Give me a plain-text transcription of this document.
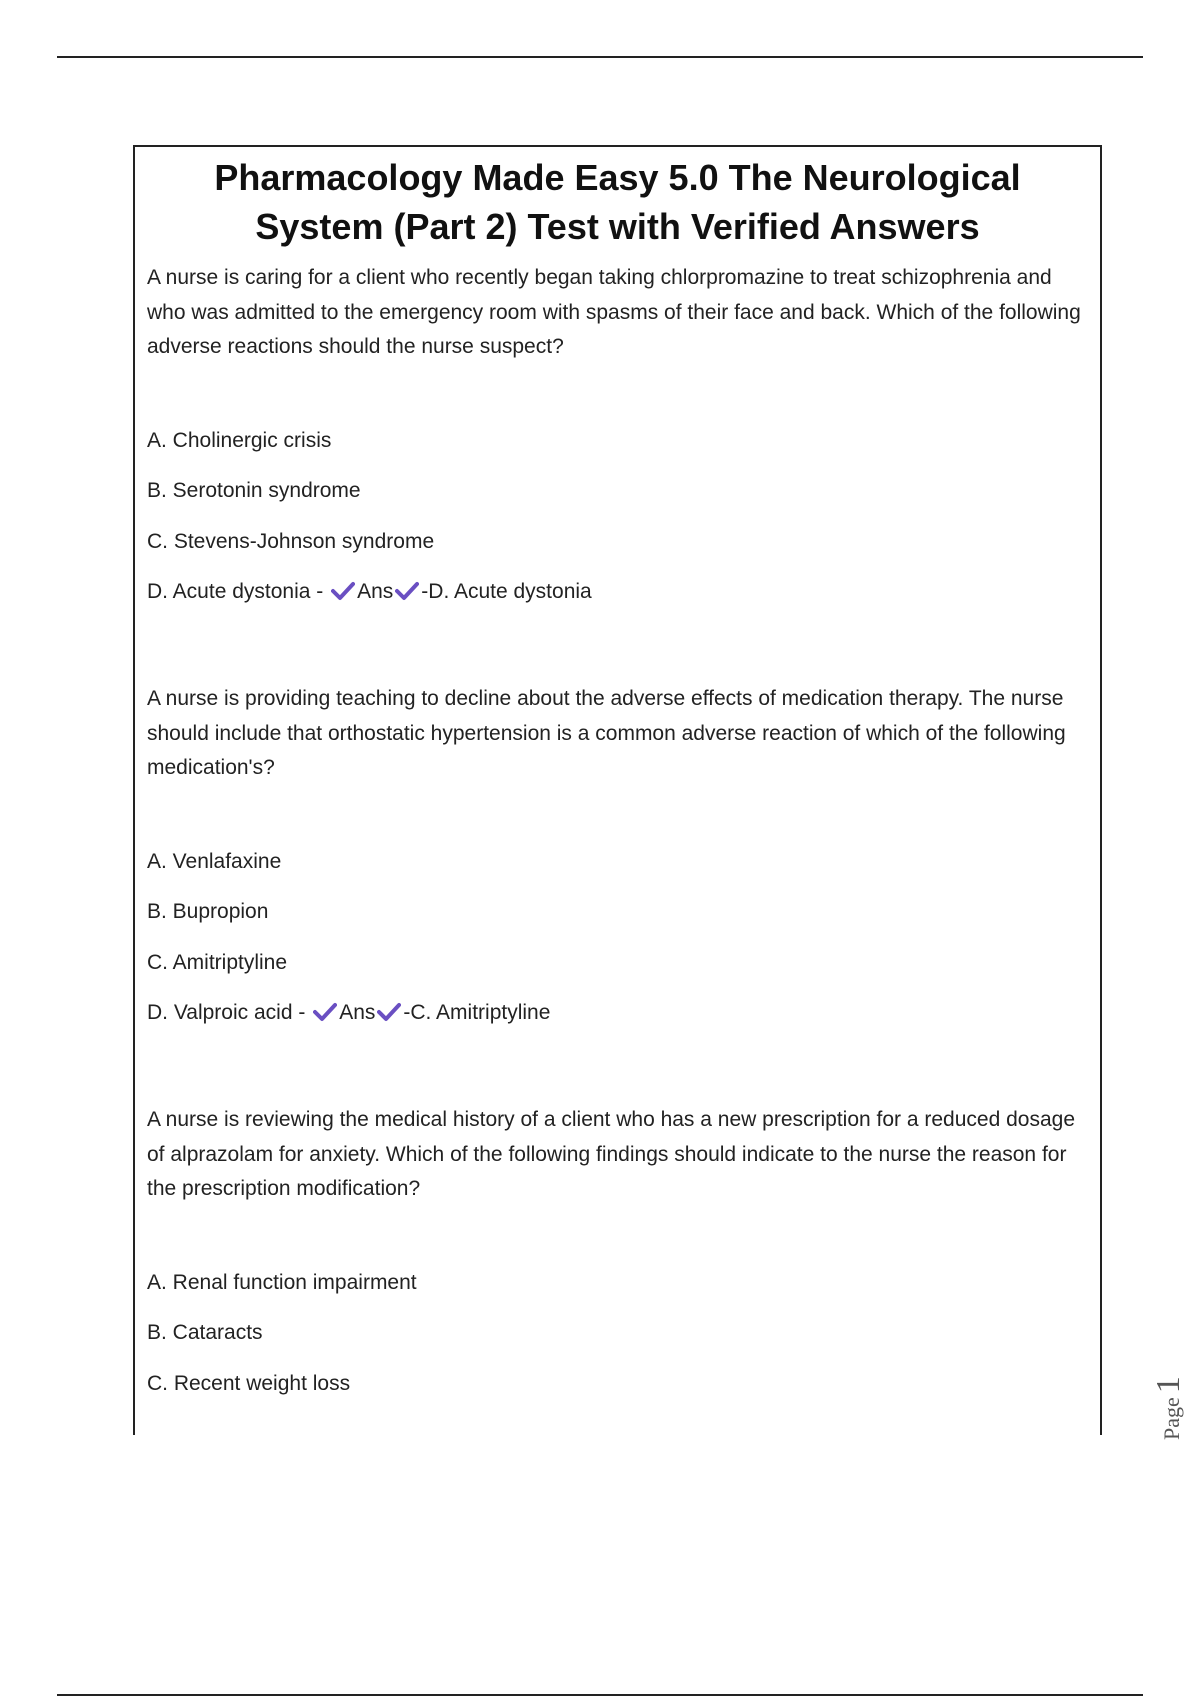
Pharmacology Made Easy 5.0 The Neurological
System (Part 2) Test with Verified Answers

A nurse is caring for a client who recently began taking chlorpromazine to treat schizophrenia and who was admitted to the emergency room with spasms of their face and back. Which of the following adverse reactions should the nurse suspect?

A. Cholinergic crisis
B. Serotonin syndrome
C. Stevens-Johnson syndrome
D. Acute dystonia - Ans -D. Acute dystonia

A nurse is providing teaching to decline about the adverse effects of medication therapy. The nurse should include that orthostatic hypertension is a common adverse reaction of which of the following medication's?

A. Venlafaxine
B. Bupropion
C. Amitriptyline
D. Valproic acid - Ans -C. Amitriptyline

A nurse is reviewing the medical history of a client who has a new prescription for a reduced dosage of alprazolam for anxiety. Which of the following findings should indicate to the nurse the reason for the prescription modification?

A. Renal function impairment
B. Cataracts
C. Recent weight loss
Page1
